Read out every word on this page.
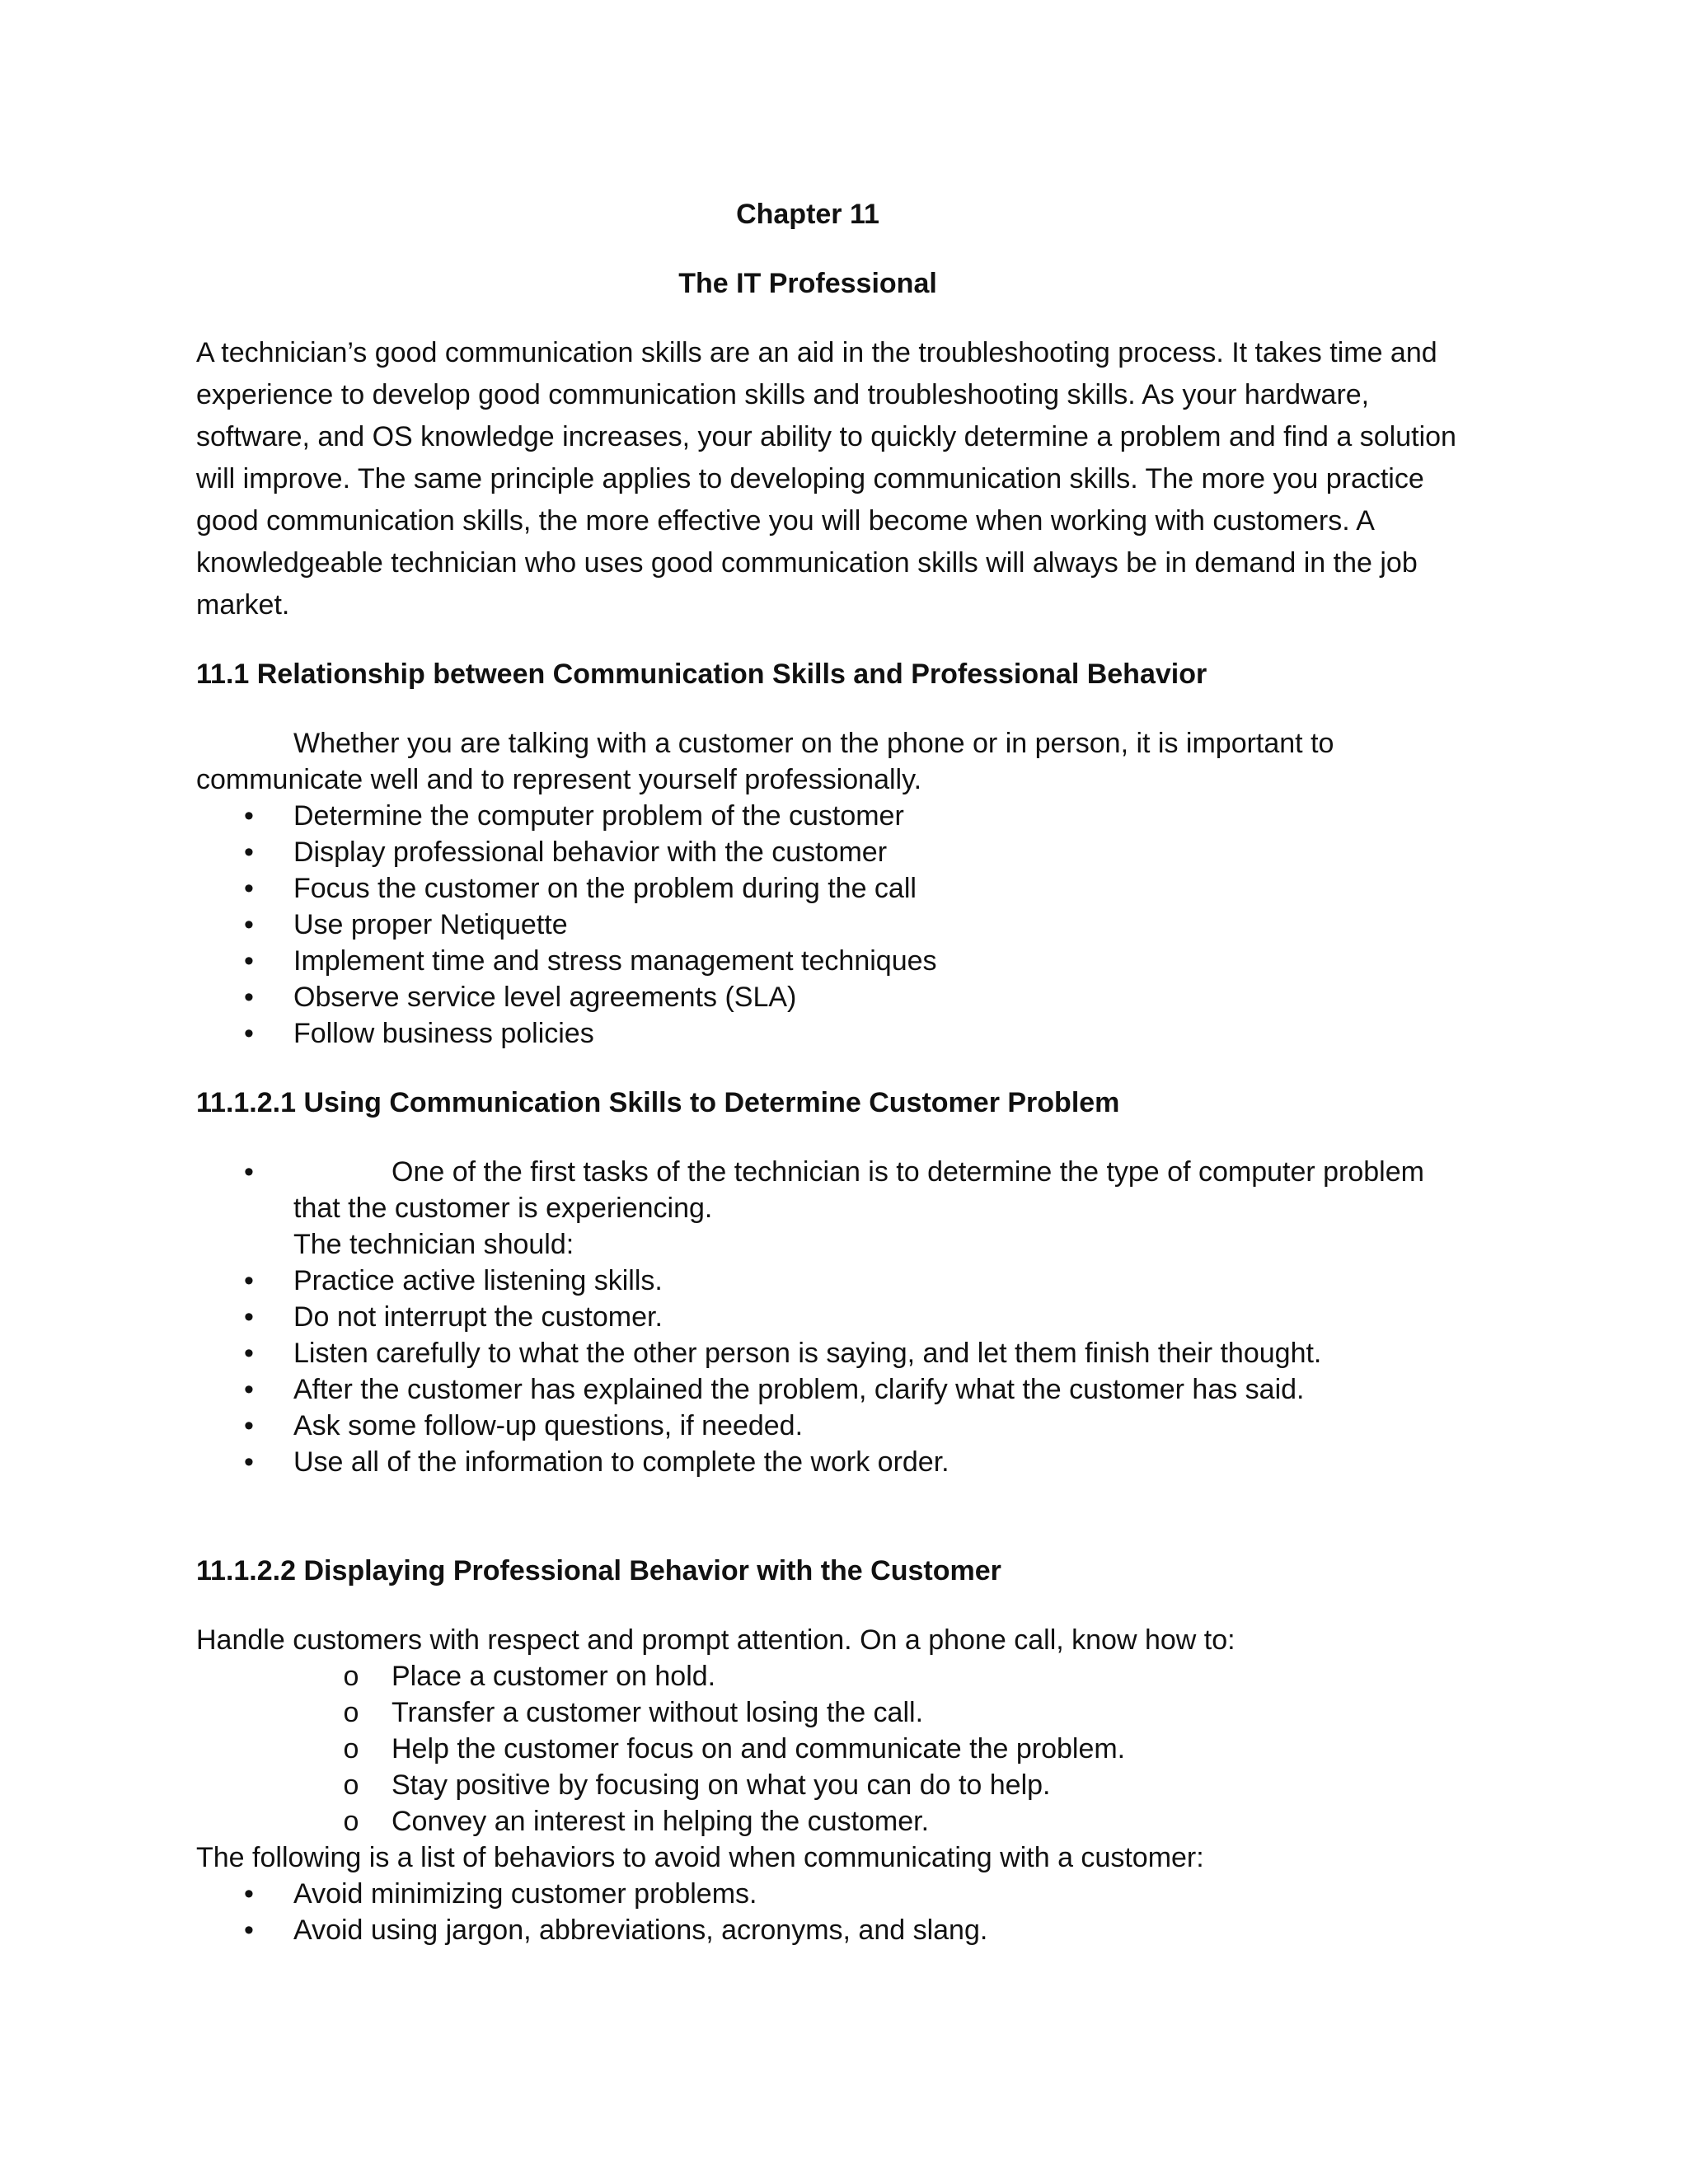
Chapter 11
The IT Professional
A technician’s good communication skills are an aid in the troubleshooting process. It takes time and
experience to develop good communication skills and troubleshooting skills. As your hardware,
software, and OS knowledge increases, your ability to quickly determine a problem and find a solution
will improve. The same principle applies to developing communication skills. The more you practice
good communication skills, the more effective you will become when working with customers. A
knowledgeable technician who uses good communication skills will always be in demand in the job
market.
11.1 Relationship between Communication Skills and Professional Behavior
Whether you are talking with a customer on the phone or in person, it is important to
communicate well and to represent yourself professionally.
• Determine the computer problem of the customer
• Display professional behavior with the customer
• Focus the customer on the problem during the call
• Use proper Netiquette
• Implement time and stress management techniques
• Observe service level agreements (SLA)
• Follow business policies
11.1.2.1 Using Communication Skills to Determine Customer Problem
•	One of the first tasks of the technician is to determine the type of computer problem
that the customer is experiencing.
The technician should:
• Practice active listening skills.
• Do not interrupt the customer.
• Listen carefully to what the other person is saying, and let them finish their thought.
• After the customer has explained the problem, clarify what the customer has said.
• Ask some follow-up questions, if needed.
• Use all of the information to complete the work order.
11.1.2.2 Displaying Professional Behavior with the Customer
Handle customers with respect and prompt attention. On a phone call, know how to:
o Place a customer on hold.
o Transfer a customer without losing the call.
o Help the customer focus on and communicate the problem.
o Stay positive by focusing on what you can do to help.
o Convey an interest in helping the customer.
The following is a list of behaviors to avoid when communicating with a customer:
• Avoid minimizing customer problems.
• Avoid using jargon, abbreviations, acronyms, and slang.
